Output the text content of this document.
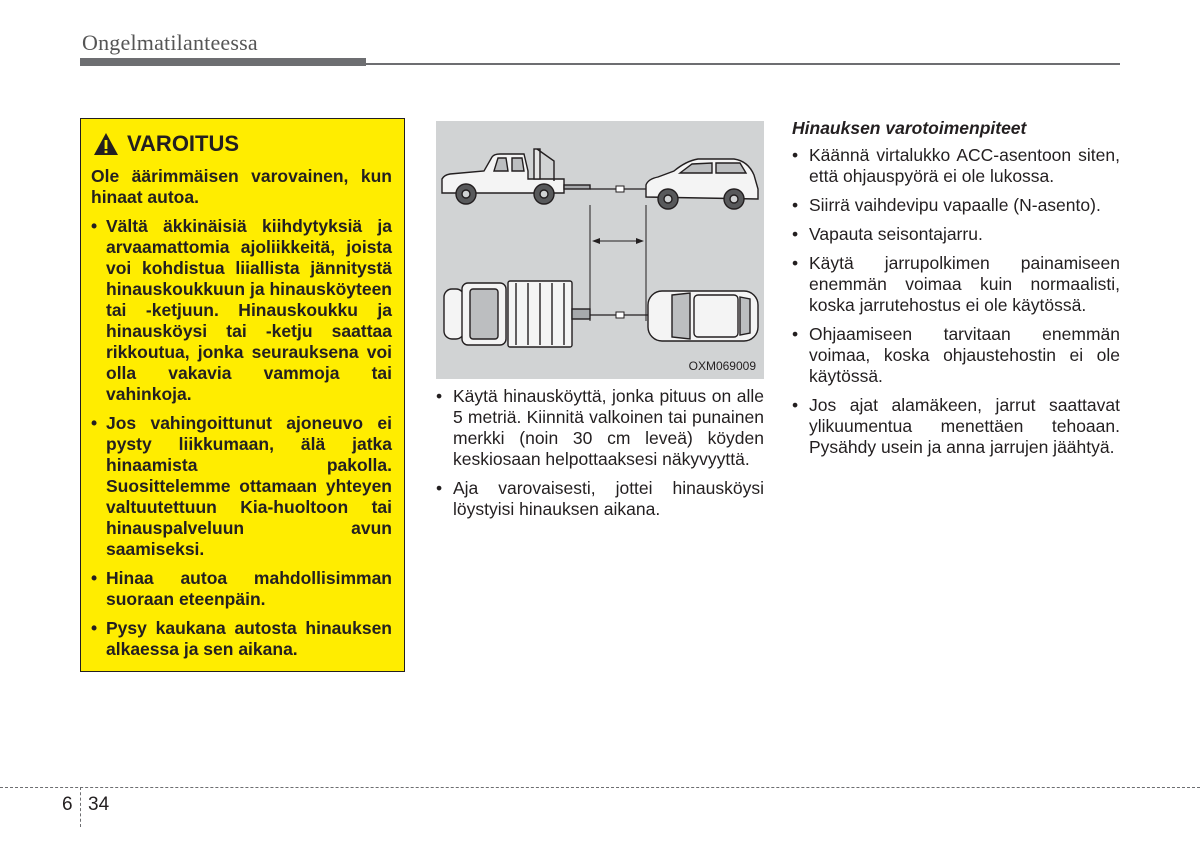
Ongelmatilanteessa
VAROITUS
Ole äärimmäisen varovainen, kun hinaat autoa.
• Vältä äkkinäisiä kiihdytyksiä ja arvaamattomia ajoliikkeitä, joista voi kohdistua liiallista jännitystä hinauskoukkuun ja hinausköyteen tai -ketjuun. Hinauskoukku ja hinausköysi tai -ketju saattaa rikkoutua, jonka seurauksena voi olla vakavia vammoja tai vahinkoja.
• Jos vahingoittunut ajoneuvo ei pysty liikkumaan, älä jatka hinaamista pakolla. Suosittelemme ottamaan yhteyen valtuutettuun Kia-huoltoon tai hinauspalveluun avun saamiseksi.
• Hinaa autoa mahdollisimman suoraan eteenpäin.
• Pysy kaukana autosta hinauksen alkaessa ja sen aikana.
OXM069009
• Käytä hinausköyttä, jonka pituus on alle 5 metriä. Kiinnitä valkoinen tai punainen merkki (noin 30 cm leveä) köyden keskiosaan helpottaaksesi näkyvyyttä.
• Aja varovaisesti, jottei hinausköysi löystyisi hinauksen aikana.
Hinauksen varotoimenpiteet
• Käännä virtalukko ACC-asentoon siten, että ohjauspyörä ei ole lukossa.
• Siirrä vaihdevipu vapaalle (N-asento).
• Vapauta seisontajarru.
• Käytä jarrupolkimen painamiseen enemmän voimaa kuin normaalisti, koska jarrutehostus ei ole käytössä.
• Ohjaamiseen tarvitaan enemmän voimaa, koska ohjaustehostin ei ole käytössä.
• Jos ajat alamäkeen, jarrut saattavat ylikuumentua menettäen tehoaan. Pysähdy usein ja anna jarrujen jäähtyä.
6 34
